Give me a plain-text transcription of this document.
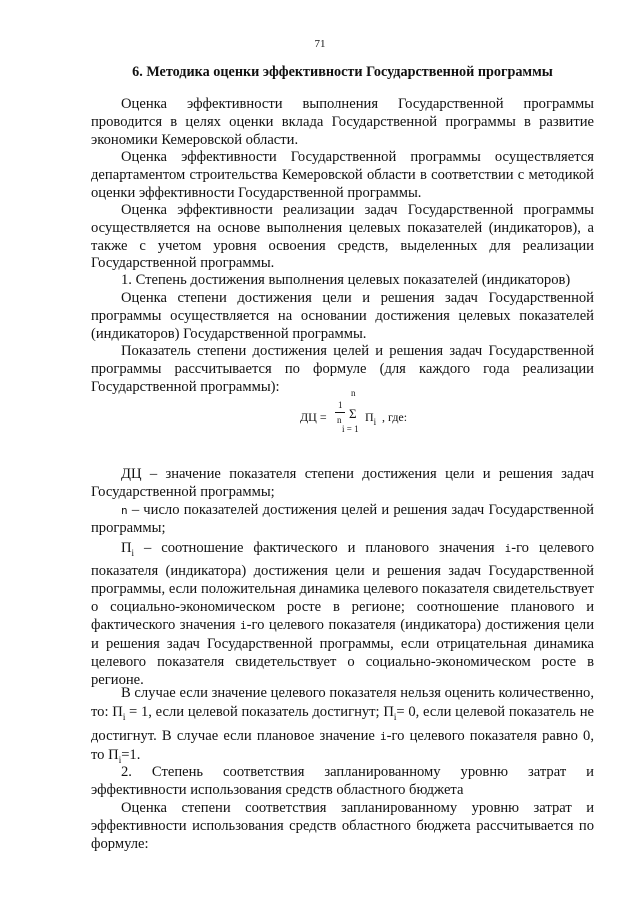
71
6. Методика оценки эффективности Государственной программы

Оценка эффективности выполнения Государственной программы проводится в целях оценки вклада Государственной программы в развитие экономики Кемеровской области.

Оценка эффективности Государственной программы осуществляется департаментом строительства Кемеровской области в соответствии с методикой оценки эффективности Государственной программы.

Оценка эффективности реализации задач Государственной программы осуществляется на основе выполнения целевых показателей (индикаторов), а также с учетом уровня освоения средств, выделенных для реализации Государственной программы.

1. Степень достижения выполнения целевых показателей (индикаторов)

Оценка степени достижения цели и решения задач Государственной программы осуществляется на основании достижения целевых показателей (индикаторов) Государственной программы.

Показатель степени достижения целей и решения задач Государственной программы рассчитывается по формуле (для каждого года реализации Государственной программы):

ДЦ =
1
n
n
Σ
i = 1
$П_i$ , где:

ДЦ – значение показателя степени достижения цели и решения задач Государственной программы;

n – число показателей достижения целей и решения задач Государственной программы;

$П_i$ – соотношение фактического и планового значения i-го целевого показателя (индикатора) достижения цели и решения задач Государственной программы, если положительная динамика целевого показателя свидетельствует о социально-экономическом росте в регионе; соотношение планового и фактического значения i-го целевого показателя (индикатора) достижения цели и решения задач Государственной программы, если отрицательная динамика целевого показателя свидетельствует о социально-экономическом росте в регионе.

В случае если значение целевого показателя нельзя оценить количественно, то: $П_i = 1$, если целевой показатель достигнут; $П_i= 0$, если целевой показатель не достигнут. В случае если плановое значение i-го целевого показателя равно 0, то $П_i=1$.

2. Степень соответствия запланированному уровню затрат и эффективности использования средств областного бюджета

Оценка степени соответствия запланированному уровню затрат и эффективности использования средств областного бюджета рассчитывается по формуле:
